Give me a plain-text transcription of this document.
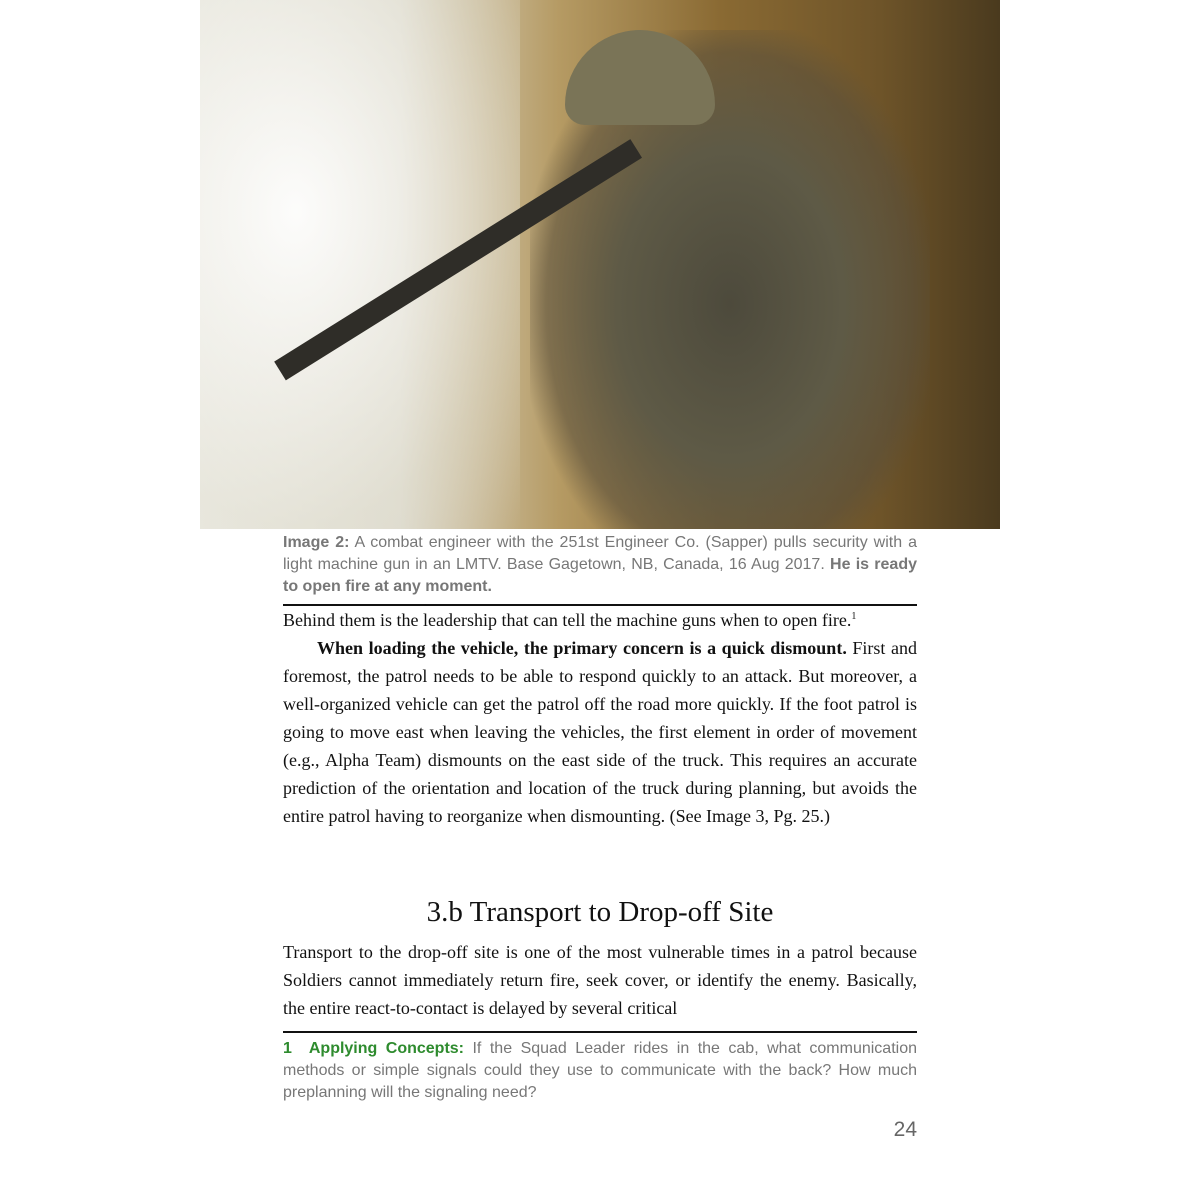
Image 2: A combat engineer with the 251st Engineer Co. (Sapper) pulls security with a light machine gun in an LMTV. Base Gagetown, NB, Canada, 16 Aug 2017. He is ready to open fire at any moment.

Behind them is the leadership that can tell the machine guns when to open fire.$^1$

When loading the vehicle, the primary concern is a quick dismount. First and foremost, the patrol needs to be able to respond quickly to an attack. But moreover, a well-organized vehicle can get the patrol off the road more quickly. If the foot patrol is going to move east when leaving the vehicles, the first element in order of movement (e.g., Alpha Team) dismounts on the east side of the truck. This requires an accurate prediction of the orientation and location of the truck during planning, but avoids the entire patrol having to reorganize when dismounting. (See Image 3, Pg. 25.)

3.b Transport to Drop-off Site

Transport to the drop-off site is one of the most vulnerable times in a patrol because Soldiers cannot immediately return fire, seek cover, or identify the enemy. Basically, the entire react-to-contact is delayed by several critical

1 Applying Concepts: If the Squad Leader rides in the cab, what communication methods or simple signals could they use to communicate with the back? How much preplanning will the signaling need?
24
